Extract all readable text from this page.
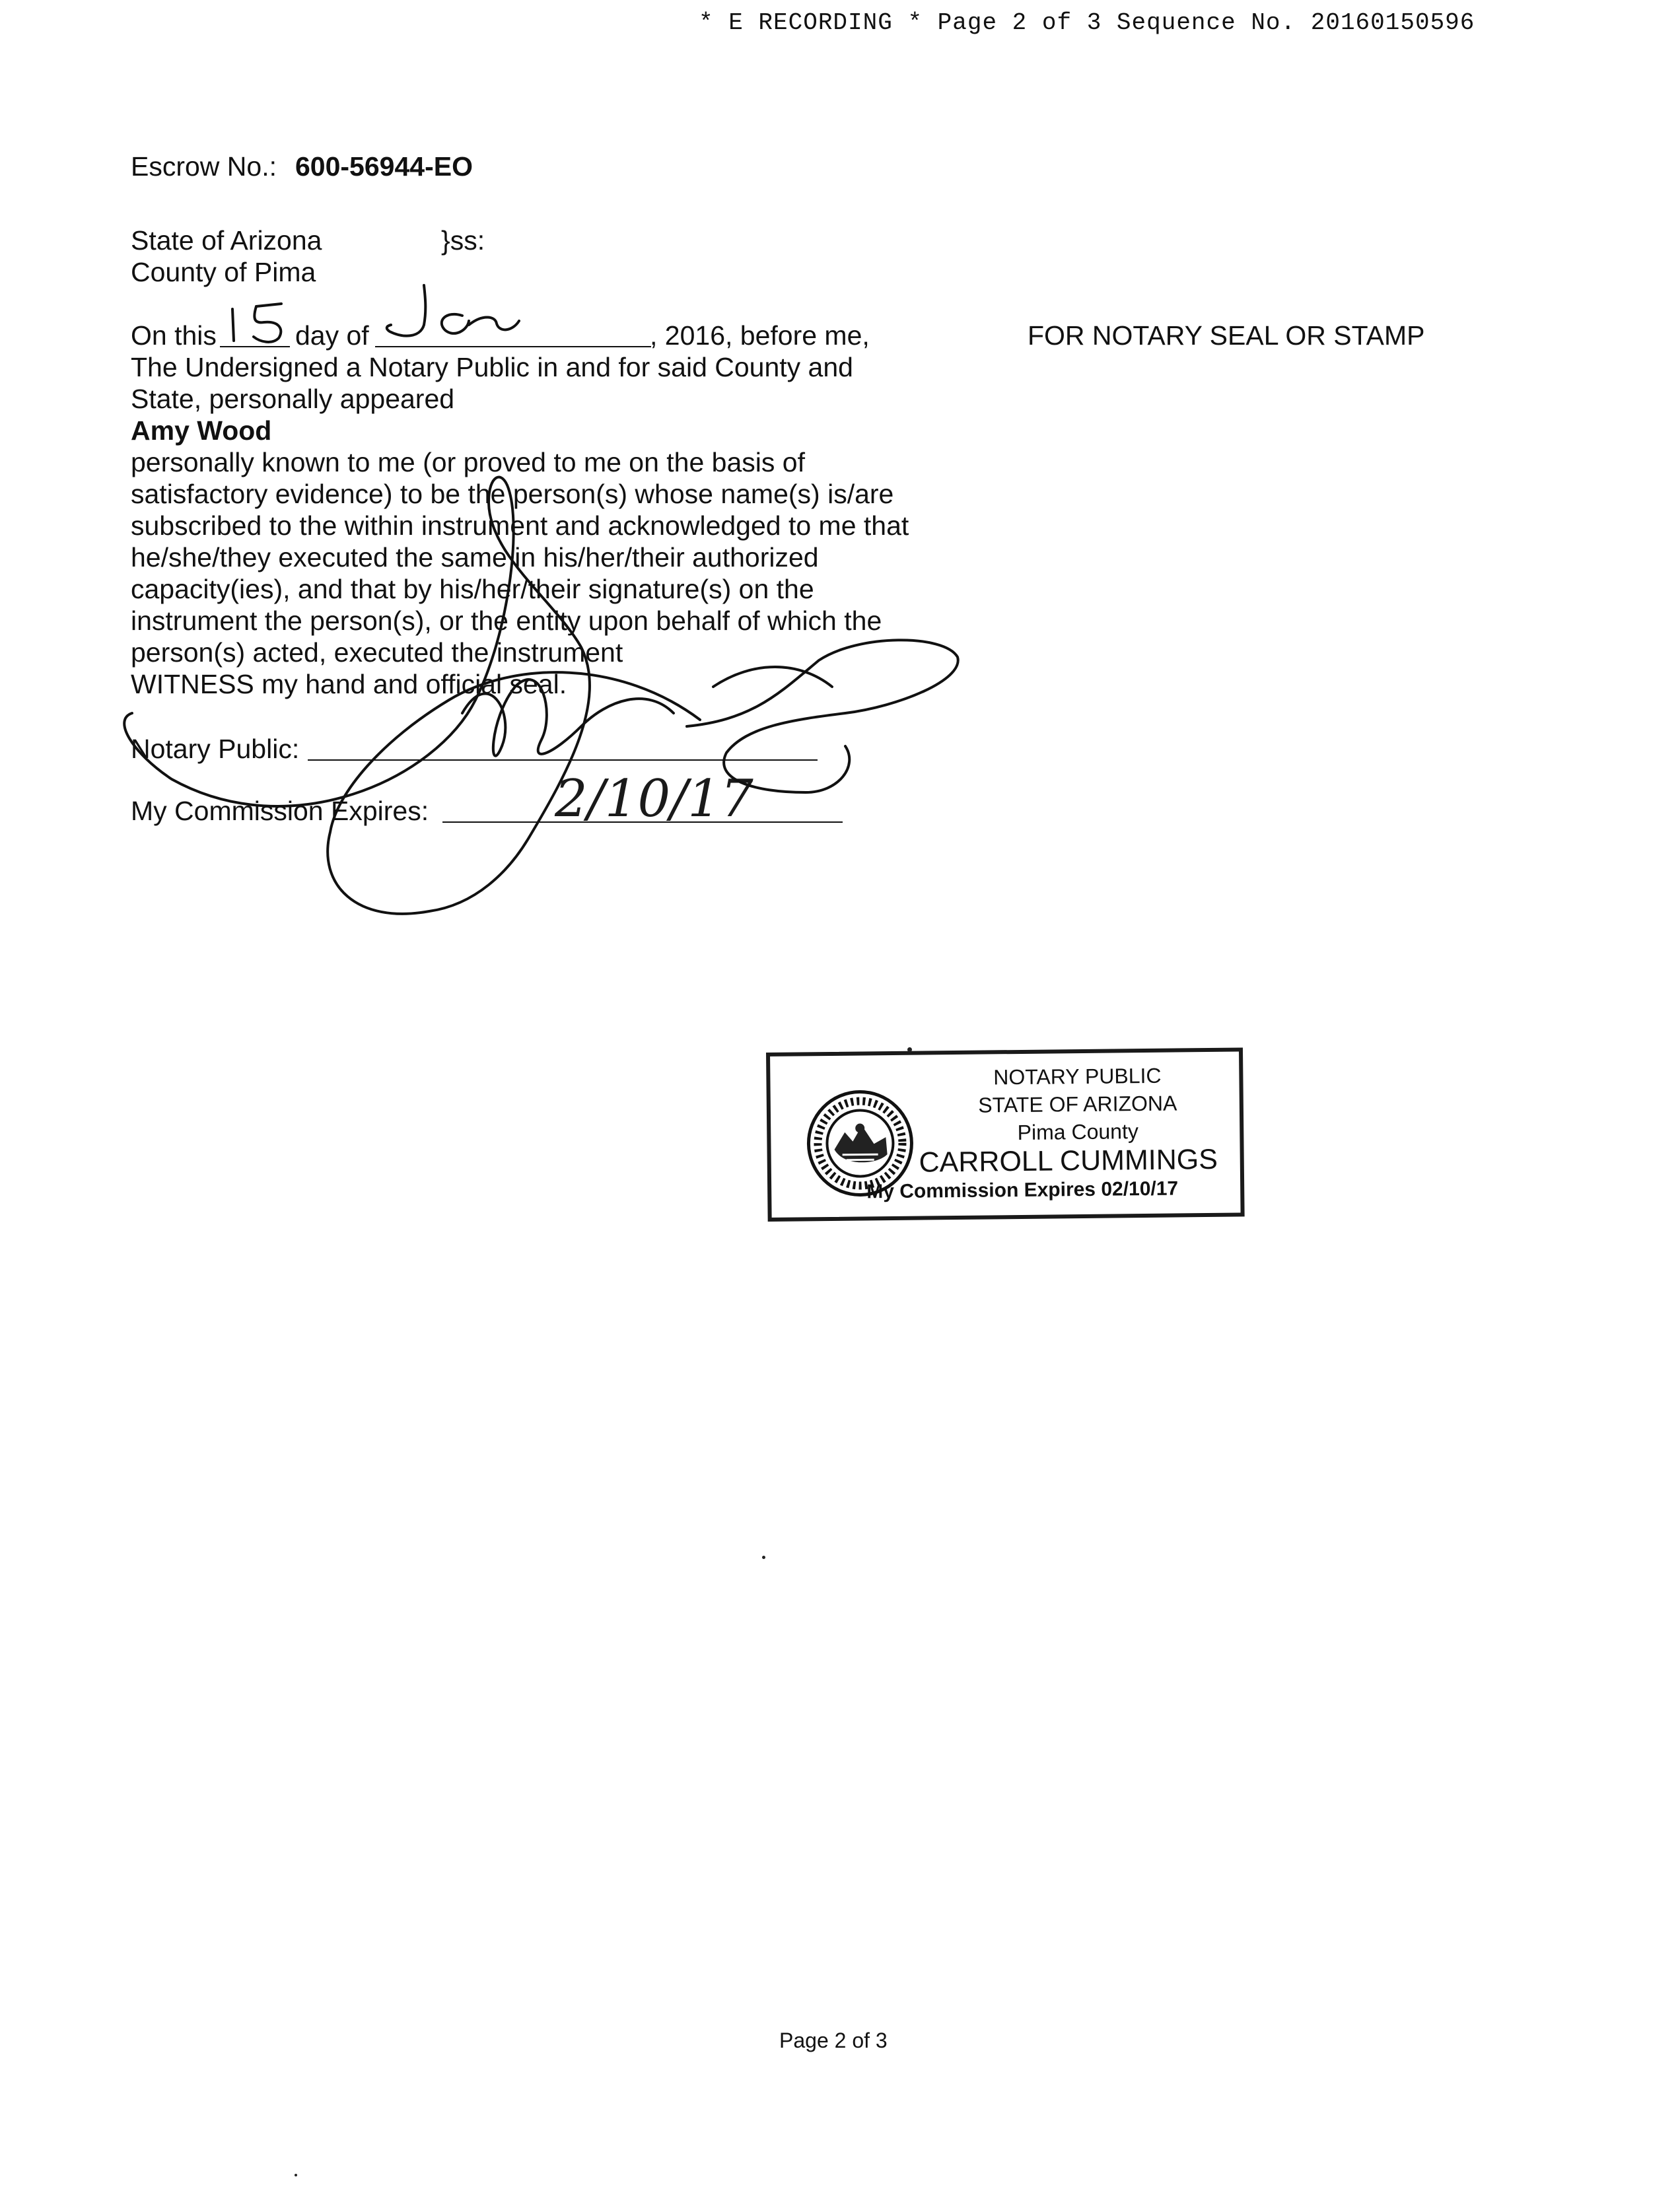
* E RECORDING * Page 2 of 3 Sequence No. 20160150596
Escrow No.: 600-56944-EO
State of Arizona	}ss:
County of Pima
On this	day of	, 2016, before me,	FOR NOTARY SEAL OR STAMP
The Undersigned a Notary Public in and for said County and
State, personally appeared
Amy Wood
personally known to me (or proved to me on the basis of
satisfactory evidence) to be the person(s) whose name(s) is/are
subscribed to the within instrument and acknowledged to me that
he/she/they executed the same in his/her/their authorized
capacity(ies), and that by his/her/their signature(s) on the
instrument the person(s), or the entity upon behalf of which the
person(s) acted, executed the instrument
WITNESS my hand and official seal.
Notary Public:
My Commission Expires: 2/10/17
NOTARY PUBLIC
STATE OF ARIZONA
Pima County
CARROLL CUMMINGS
My Commission Expires 02/10/17
Page 2 of 3
